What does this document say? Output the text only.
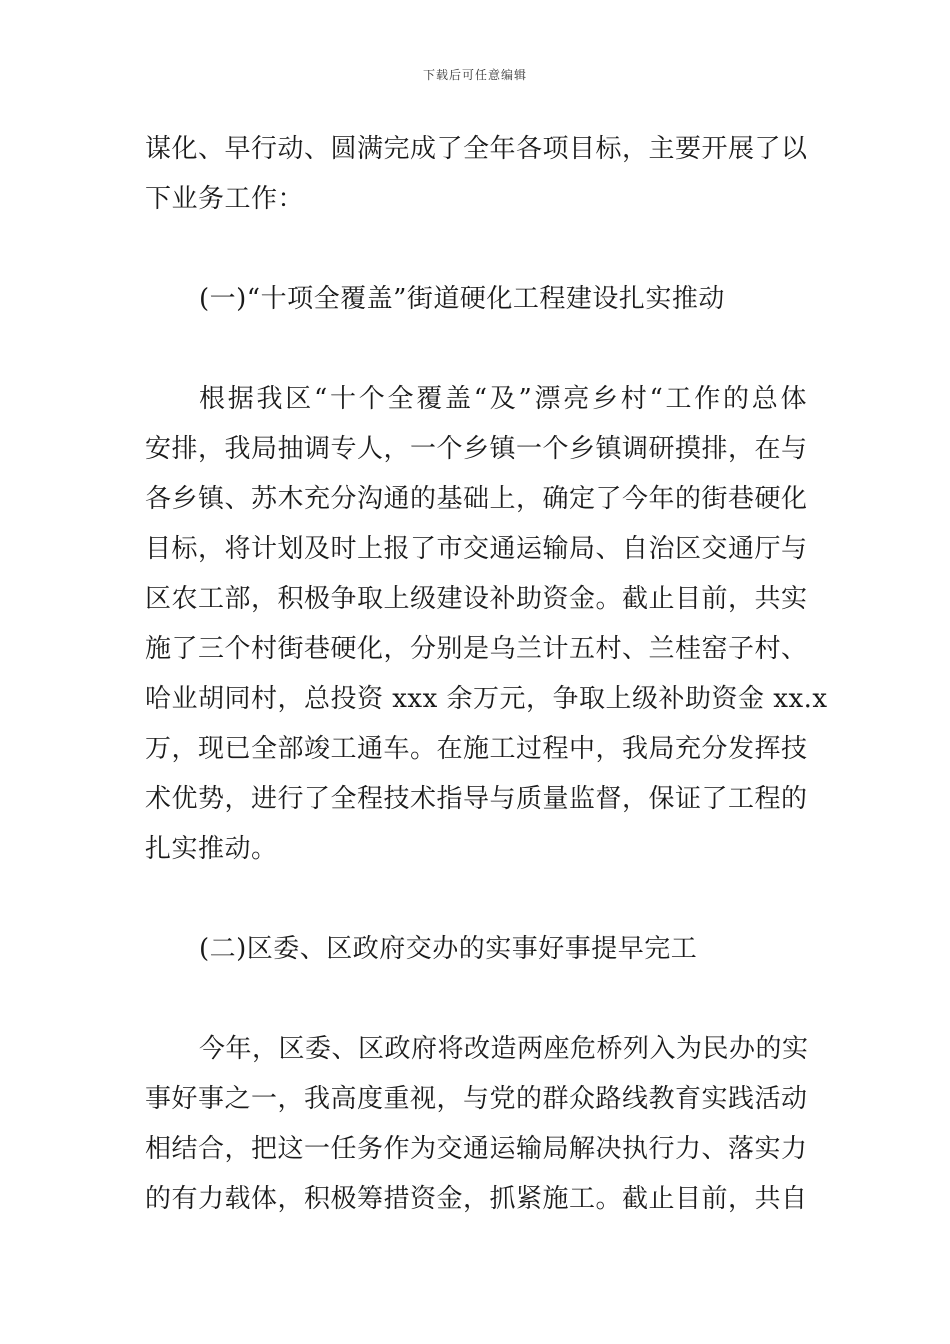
下载后可任意编辑
谋化、早行动、圆满完成了全年各项目标，主要开展了以
下业务工作：
(一)“十项全覆盖”街道硬化工程建设扎实推动
根据我区“十个全覆盖“及”漂亮乡村“工作的总体
安排，我局抽调专人，一个乡镇一个乡镇调研摸排，在与
各乡镇、苏木充分沟通的基础上，确定了今年的街巷硬化
目标，将计划及时上报了市交通运输局、自治区交通厅与
区农工部，积极争取上级建设补助资金。截止目前，共实
施了三个村街巷硬化，分别是乌兰计五村、兰桂窑子村、
哈业胡同村，总投资 xxx 余万元，争取上级补助资金 xx.x
万，现已全部竣工通车。在施工过程中，我局充分发挥技
术优势，进行了全程技术指导与质量监督，保证了工程的
扎实推动。
(二)区委、区政府交办的实事好事提早完工
今年，区委、区政府将改造两座危桥列入为民办的实
事好事之一，我高度重视，与党的群众路线教育实践活动
相结合，把这一任务作为交通运输局解决执行力、落实力
的有力载体，积极筹措资金，抓紧施工。截止目前，共自
